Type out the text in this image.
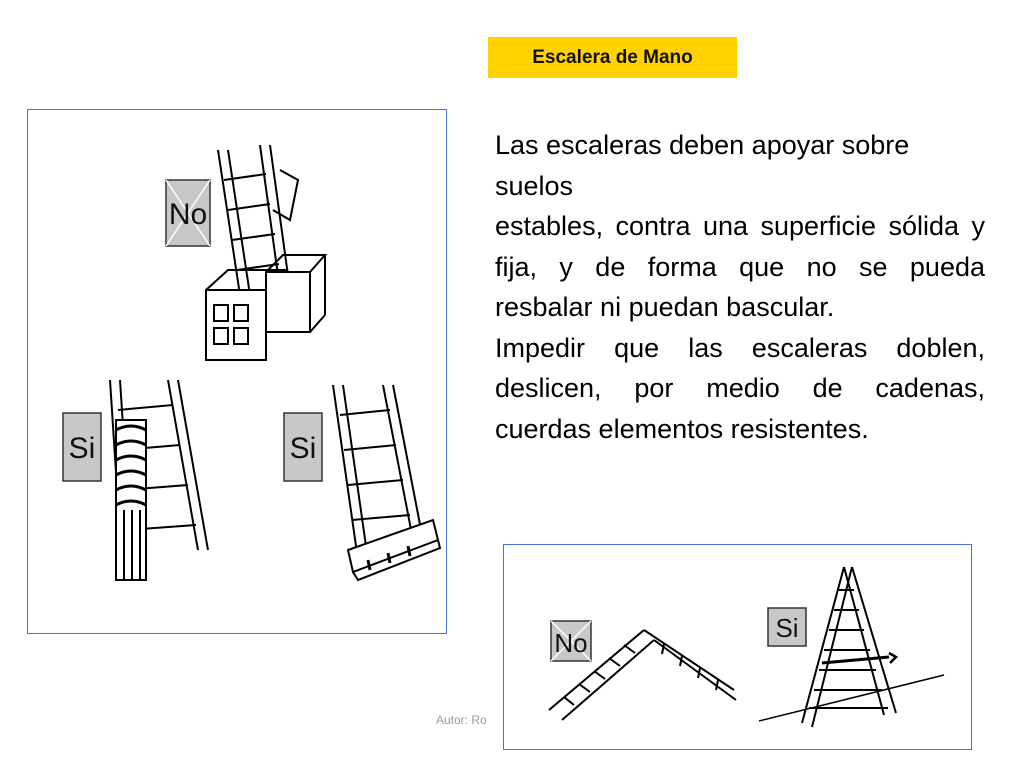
Escalera de Mano

Las escaleras deben apoyar sobre suelos

estables, contra una superficie sólida y fija, y de forma que no se pueda resbalar ni puedan bascular.

Impedir que las escaleras doblen, deslicen, por medio de cadenas, cuerdas elementos resistentes.

No
Si	Si
Autor: Ro
No	Si
